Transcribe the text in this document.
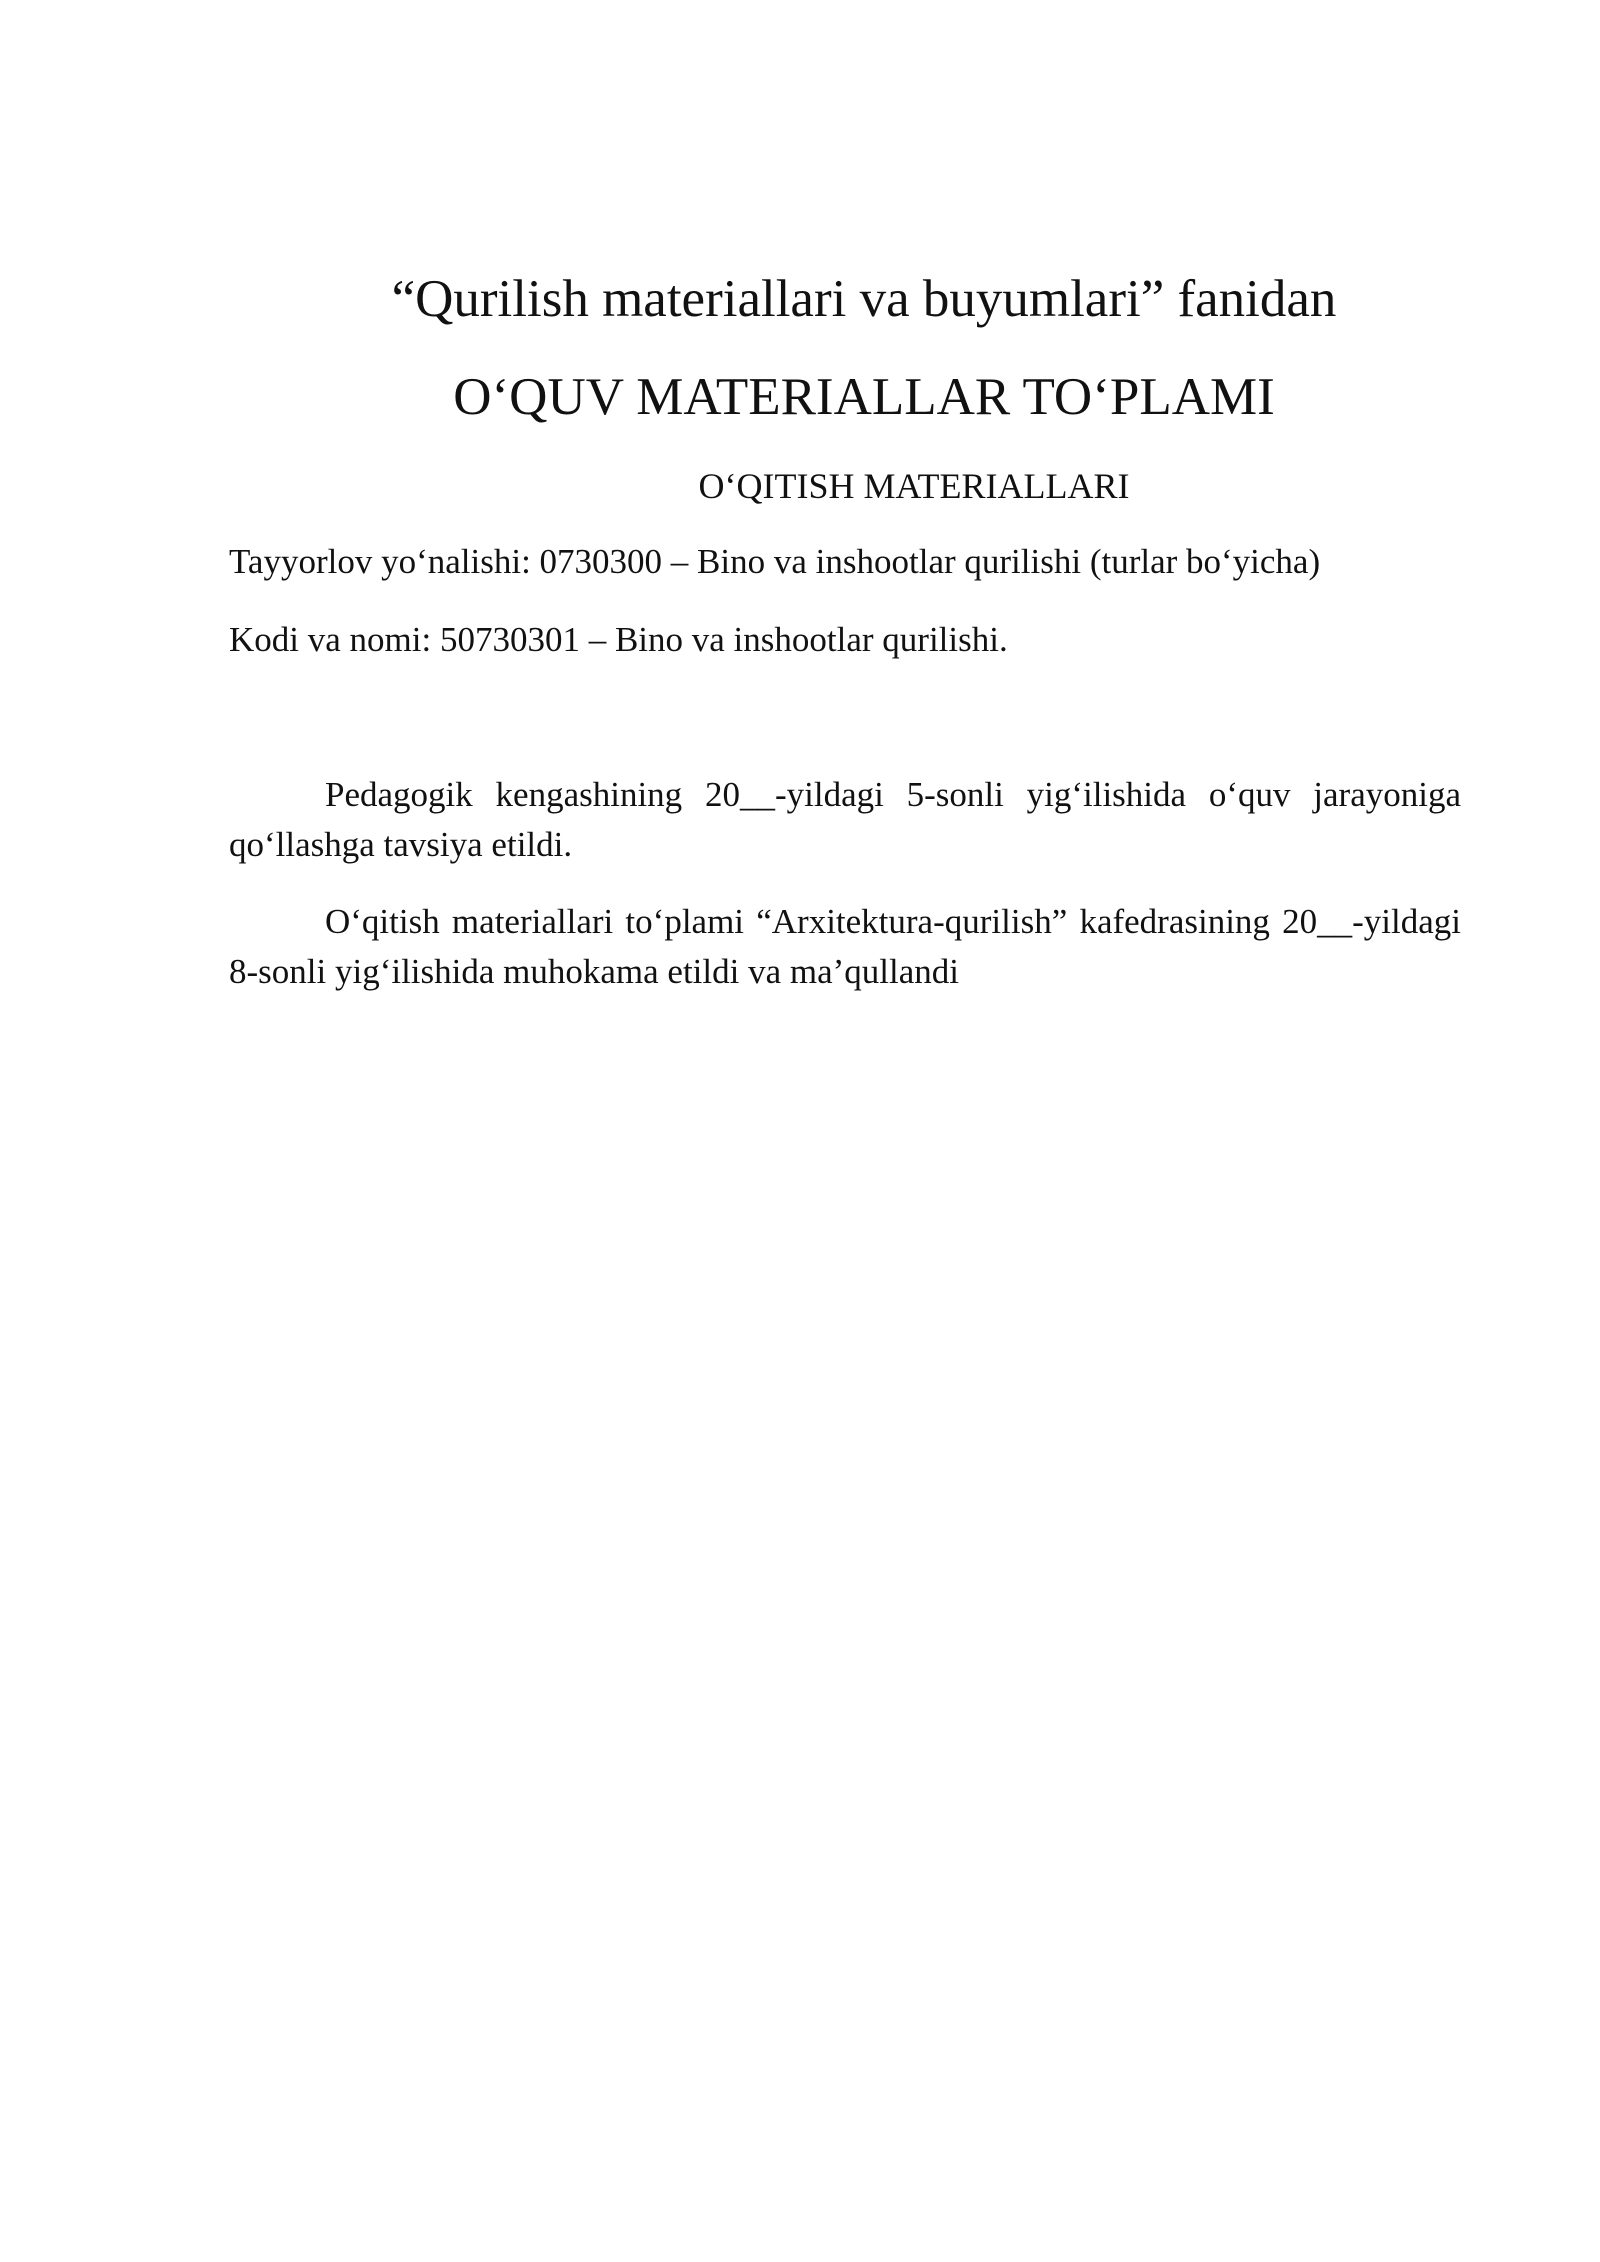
“Qurilish materiallari va buyumlari” fanidan
O‘QUV MATERIALLAR TO‘PLAMI
O‘QITISH MATERIALLARI
Tayyorlov yo‘nalishi: 0730300 – Bino va inshootlar qurilishi (turlar bo‘yicha)
Kodi va nomi: 50730301 – Bino va inshootlar qurilishi.

Pedagogik kengashining 20__-yildagi 5-sonli yig‘ilishida o‘quv jarayoniga qo‘llashga tavsiya etildi.

O‘qitish materiallari to‘plami “Arxitektura-qurilish” kafedrasining 20__-yildagi 8-sonli yig‘ilishida muhokama etildi va ma’qullandi
